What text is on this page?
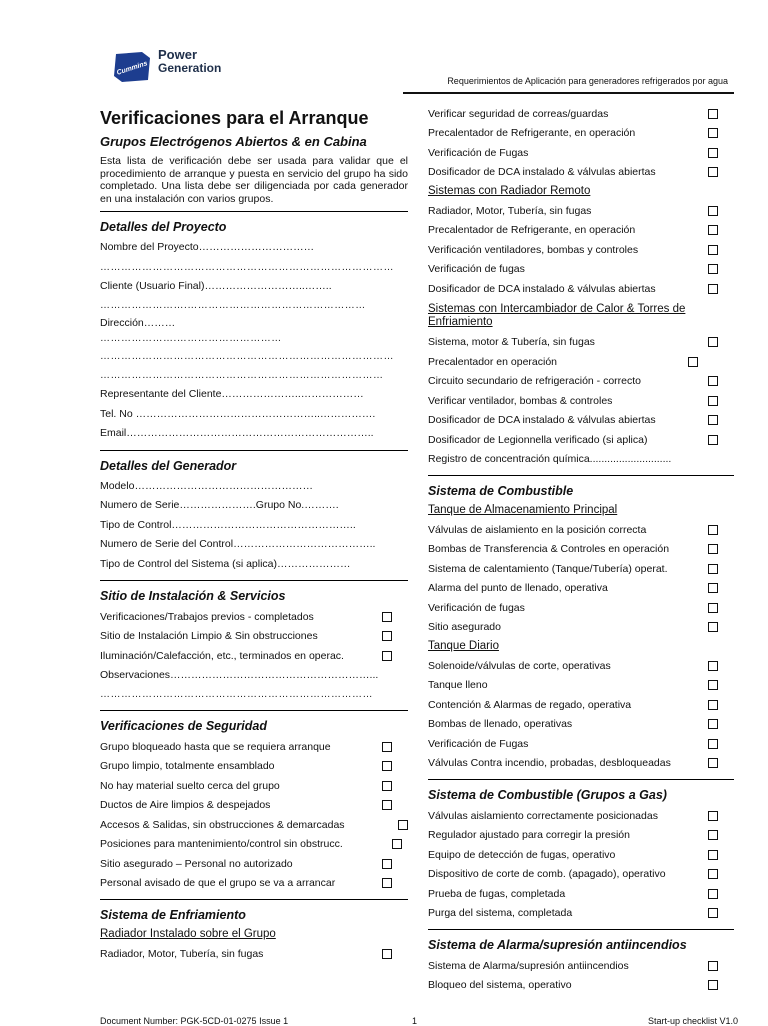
Cummins
Power
Generation
Requerimientos de Aplicación para generadores refrigerados por agua
Verificaciones para el Arranque
Grupos Electrógenos Abiertos & en Cabina
Esta lista de verificación debe ser usada para validar que el procedimiento de arranque y puesta en servicio del grupo ha sido completado. Una lista debe ser diligenciada por cada generador en una instalación con varios grupos.
Detalles del Proyecto
Nombre del Proyecto……………………………
…………………………………………………………………………
Cliente (Usuario Final)………………………..……..
…………………….……………………………………………
Dirección………
………………….…………………………
…………………………………………………………………………
………………………………………………………………………
Representante del Cliente…………………..………………
Tel. No ……………………………………………..…………….
Email……………………………………………………………..
Detalles del Generador
Modelo……………………………………………
Numero de Serie………………….Grupo No.……….
Tipo de Control……………………………………………..
Numero de Serie del Control…………………………………..
Tipo de Control del Sistema (si aplica)…………………
Sitio de Instalación & Servicios
Verificaciones/Trabajos previos - completados
Sitio de Instalación Limpio & Sin obstrucciones
Iluminación/Calefacción, etc., terminados en operac.
Observaciones…………………………………………………...
……………………………………………………………………
Verificaciones de Seguridad
Grupo bloqueado hasta que se requiera arranque
Grupo limpio, totalmente ensamblado
No hay material suelto cerca del grupo
Ductos de Aire limpios & despejados
Accesos & Salidas, sin obstrucciones & demarcadas
Posiciones para mantenimiento/control sin obstrucc.
Sitio asegurado – Personal no autorizado
Personal avisado de que el grupo se va a arrancar
Sistema de Enfriamiento
Radiador Instalado sobre el Grupo
Radiador, Motor, Tubería, sin fugas
Verificar seguridad de correas/guardas
Precalentador de Refrigerante, en operación
Verificación de Fugas
Dosificador de DCA instalado & válvulas abiertas
Sistemas con Radiador Remoto
Radiador, Motor, Tubería, sin fugas
Precalentador de Refrigerante, en operación
Verificación ventiladores, bombas y controles
Verificación de fugas
Dosificador de DCA instalado & válvulas abiertas
Sistemas con Intercambiador de Calor & Torres de Enfriamiento
Sistema, motor & Tubería, sin fugas
Precalentador en operación
Circuito secundario de refrigeración - correcto
Verificar ventilador, bombas & controles
Dosificador de DCA instalado & válvulas abiertas
Dosificador de Legionnella verificado (si aplica)
Registro de concentración química............................
Sistema de Combustible
Tanque de Almacenamiento Principal
Válvulas de aislamiento en la posición correcta
Bombas de Transferencia & Controles en operación
Sistema de calentamiento (Tanque/Tubería) operat.
Alarma del punto de llenado, operativa
Verificación de fugas
Sitio asegurado
Tanque Diario
Solenoide/válvulas de corte, operativas
Tanque lleno
Contención & Alarmas de regado, operativa
Bombas de llenado, operativas
Verificación de Fugas
Válvulas Contra incendio, probadas, desbloqueadas
Sistema de Combustible (Grupos a Gas)
Válvulas aislamiento correctamente posicionadas
Regulador ajustado para corregir la presión
Equipo de detección de fugas, operativo
Dispositivo de corte de comb. (apagado), operativo
Prueba de fugas, completada
Purga del sistema, completada
Sistema de Alarma/supresión antiincendios
Sistema de Alarma/supresión antiincendios
Bloqueo del sistema, operativo
Document Number: PGK-5CD-01-0275 Issue 1	1	Start-up checklist V1.0
